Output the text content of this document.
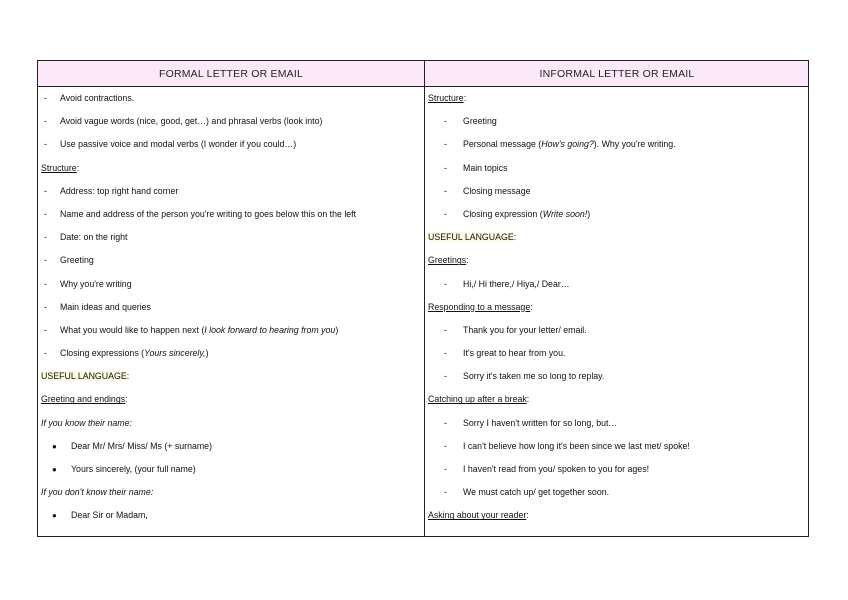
FORMAL LETTER OR EMAIL	INFORMAL LETTER OR EMAIL
- Avoid contractions.
- Avoid vague words (nice, good, get…) and phrasal verbs (look into)
- Use passive voice and modal verbs (I wonder if you could…)
Structure:
- Address: top right hand corner
- Name and address of the person you're writing to goes below this on the left
- Date: on the right
- Greeting
- Why you're writing
- Main ideas and queries
- What you would like to happen next (I look forward to hearing from you)
- Closing expressions (Yours sincerely,)
USEFUL LANGUAGE:
Greeting and endings:
If you know their name:
● Dear Mr/ Mrs/ Miss/ Ms (+ surname)
● Yours sincerely, (your full name)
If you don't know their name:
● Dear Sir or Madam,
Structure:
- Greeting
- Personal message (How's going?). Why you're writing.
- Main topics
- Closing message
- Closing expression (Write soon!)
USEFUL LANGUAGE:
Greetings:
- Hi,/ Hi there,/ Hiya,/ Dear…
Responding to a message:
- Thank you for your letter/ email.
- It's great to hear from you.
- Sorry it's taken me so long to replay.
Catching up after a break:
- Sorry I haven't written for so long, but…
- I can't believe how long it's been since we last met/ spoke!
- I haven't read from you/ spoken to you for ages!
- We must catch up/ get together soon.
Asking about your reader:
